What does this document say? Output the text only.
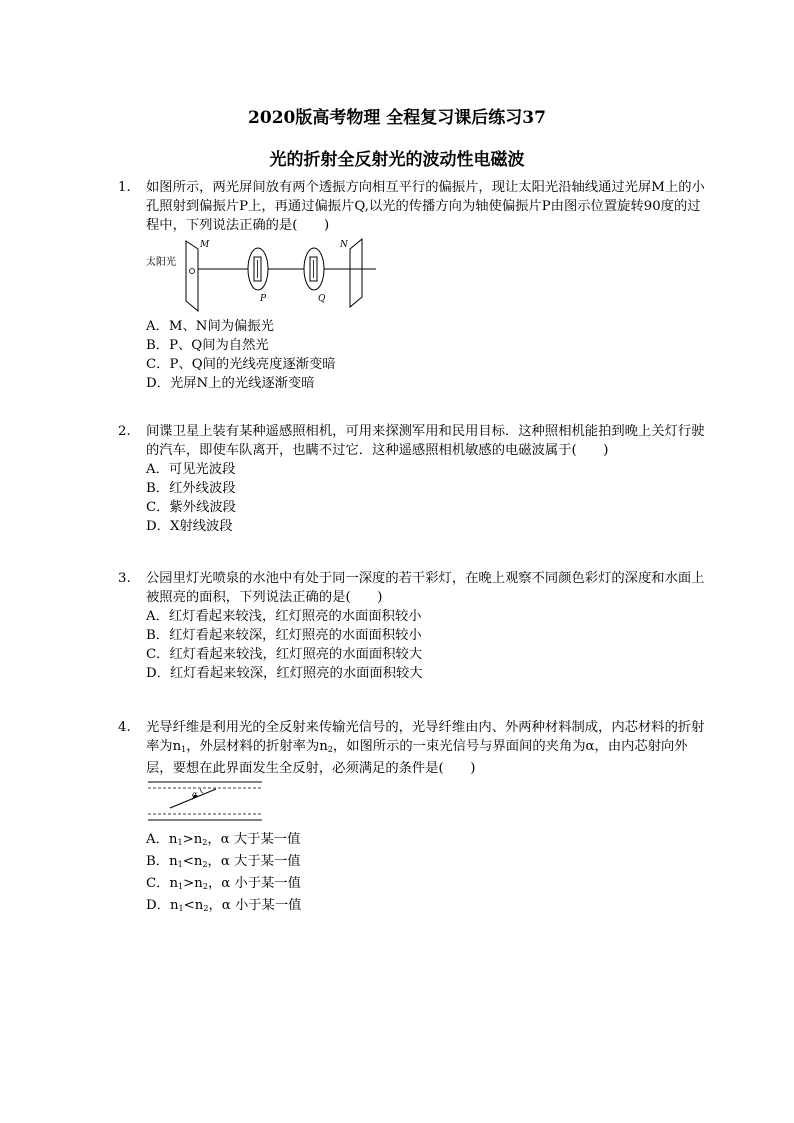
2020版高考物理 全程复习课后练习37
光的折射全反射光的波动性电磁波
1.	如图所示，两光屏间放有两个透振方向相互平行的偏振片，现让太阳光沿轴线通过光屏M上的小孔照射到偏振片P上，再通过偏振片Q,以光的传播方向为轴使偏振片P由图示位置旋转90度的过程中，下列说法正确的是(　　)
太阳光
M
P	Q
N
A．M、N间为偏振光
B．P、Q间为自然光
C．P、Q间的光线亮度逐渐变暗
D．光屏N上的光线逐渐变暗
2.	间谍卫星上装有某种遥感照相机，可用来探测军用和民用目标．这种照相机能拍到晚上关灯行驶的汽车，即使车队离开，也瞒不过它．这种遥感照相机敏感的电磁波属于(　　)
A．可见光波段
B．红外线波段
C．紫外线波段
D．X射线波段
3.	公园里灯光喷泉的水池中有处于同一深度的若干彩灯，在晚上观察不同颜色彩灯的深度和水面上被照亮的面积，下列说法正确的是(　　)
A．红灯看起来较浅，红灯照亮的水面面积较小
B．红灯看起来较深，红灯照亮的水面面积较小
C．红灯看起来较浅，红灯照亮的水面面积较大
D．红灯看起来较深，红灯照亮的水面面积较大
4.	光导纤维是利用光的全反射来传输光信号的，光导纤维由内、外两种材料制成，内芯材料的折射率为$n_1$，外层材料的折射率为$n_2$，如图所示的一束光信号与界面间的夹角为α，由内芯射向外层，要想在此界面发生全反射，必须满足的条件是(　　)
α
A．$n_1>n_2$，α 大于某一值
B．$n_1<n_2$，α 大于某一值
C．$n_1>n_2$，α 小于某一值
D．$n_1<n_2$，α 小于某一值
